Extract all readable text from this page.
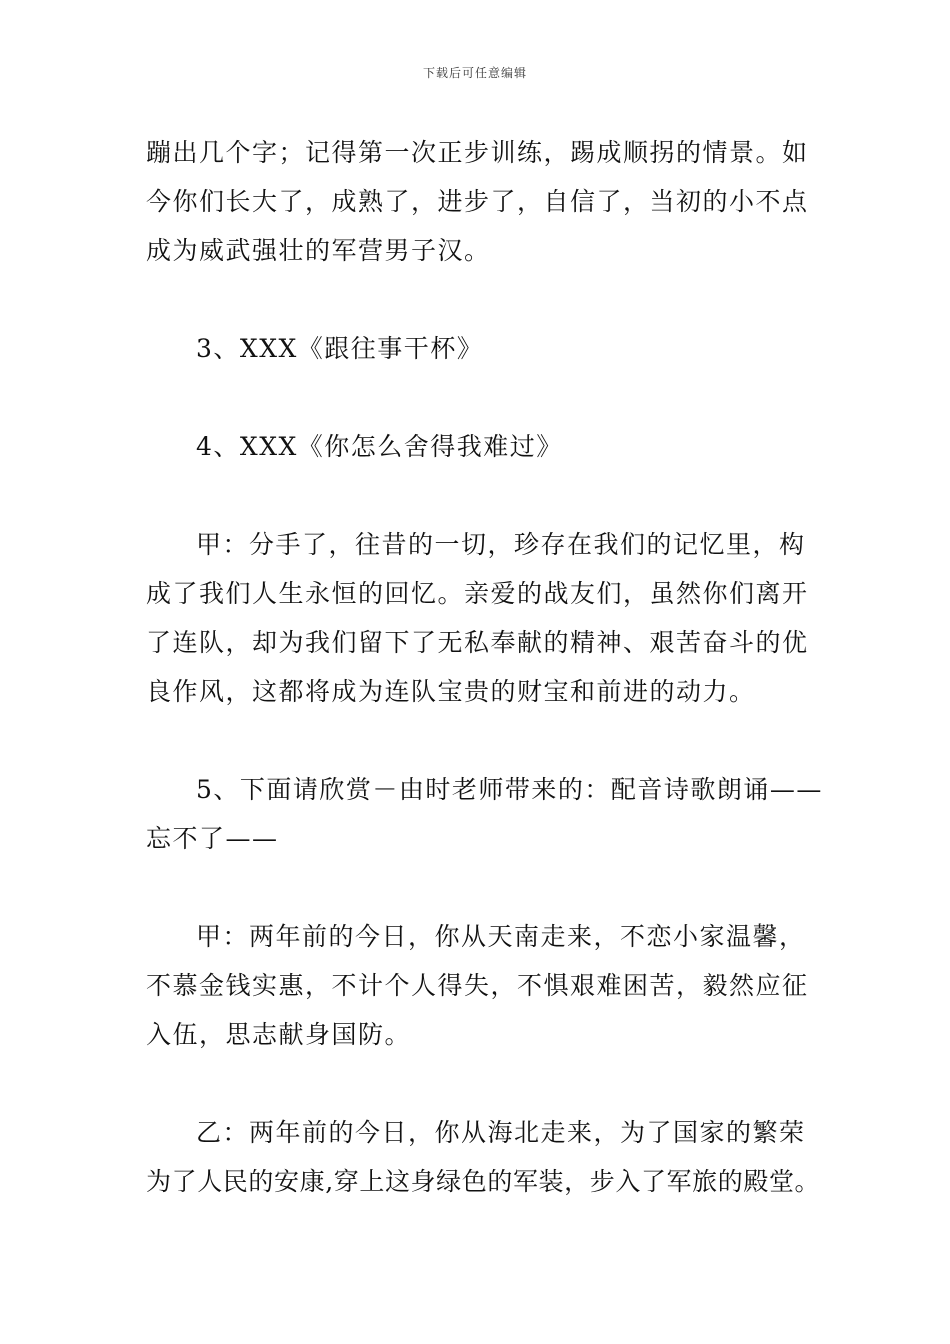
下载后可任意编辑

蹦出几个字；记得第一次正步训练，踢成顺拐的情景。如
今你们长大了，成熟了，进步了，自信了，当初的小不点
成为威武强壮的军营男子汉。

3、XXX《跟往事干杯》

4、XXX《你怎么舍得我难过》

甲：分手了，往昔的一切，珍存在我们的记忆里，构
成了我们人生永恒的回忆。亲爱的战友们，虽然你们离开
了连队，却为我们留下了无私奉献的精神、艰苦奋斗的优
良作风，这都将成为连队宝贵的财宝和前进的动力。

5、下面请欣赏－由时老师带来的：配音诗歌朗诵——
忘不了——

甲：两年前的今日，你从天南走来，不恋小家温馨，
不慕金钱实惠，不计个人得失，不惧艰难困苦，毅然应征
入伍，思志献身国防。

乙：两年前的今日，你从海北走来，为了国家的繁荣
为了人民的安康,穿上这身绿色的军装，步入了军旅的殿堂。
